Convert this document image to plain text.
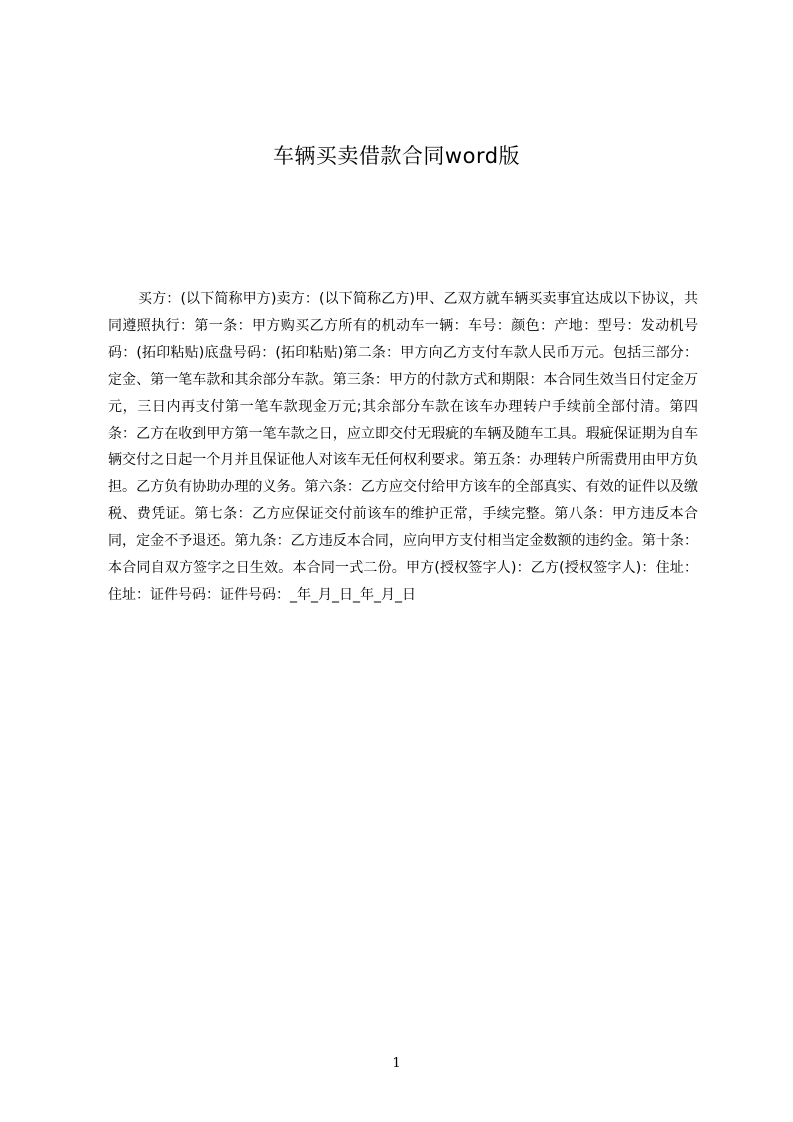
车辆买卖借款合同word版

买方：(以下简称甲方)卖方：(以下简称乙方)甲、乙双方就车辆买卖事宜达成以下协议，共同遵照执行：第一条：甲方购买乙方所有的机动车一辆：车号：颜色：产地：型号：发动机号码：(拓印粘贴)底盘号码：(拓印粘贴)第二条：甲方向乙方支付车款人民币万元。包括三部分：定金、第一笔车款和其余部分车款。第三条：甲方的付款方式和期限：本合同生效当日付定金万元，三日内再支付第一笔车款现金万元;其余部分车款在该车办理转户手续前全部付清。第四条：乙方在收到甲方第一笔车款之日，应立即交付无瑕疵的车辆及随车工具。瑕疵保证期为自车辆交付之日起一个月并且保证他人对该车无任何权利要求。第五条：办理转户所需费用由甲方负担。乙方负有协助办理的义务。第六条：乙方应交付给甲方该车的全部真实、有效的证件以及缴税、费凭证。第七条：乙方应保证交付前该车的维护正常，手续完整。第八条：甲方违反本合同，定金不予退还。第九条：乙方违反本合同，应向甲方支付相当定金数额的违约金。第十条：本合同自双方签字之日生效。本合同一式二份。甲方(授权签字人)：乙方(授权签字人)：住址：住址：证件号码：证件号码：_年_月_日_年_月_日

1
